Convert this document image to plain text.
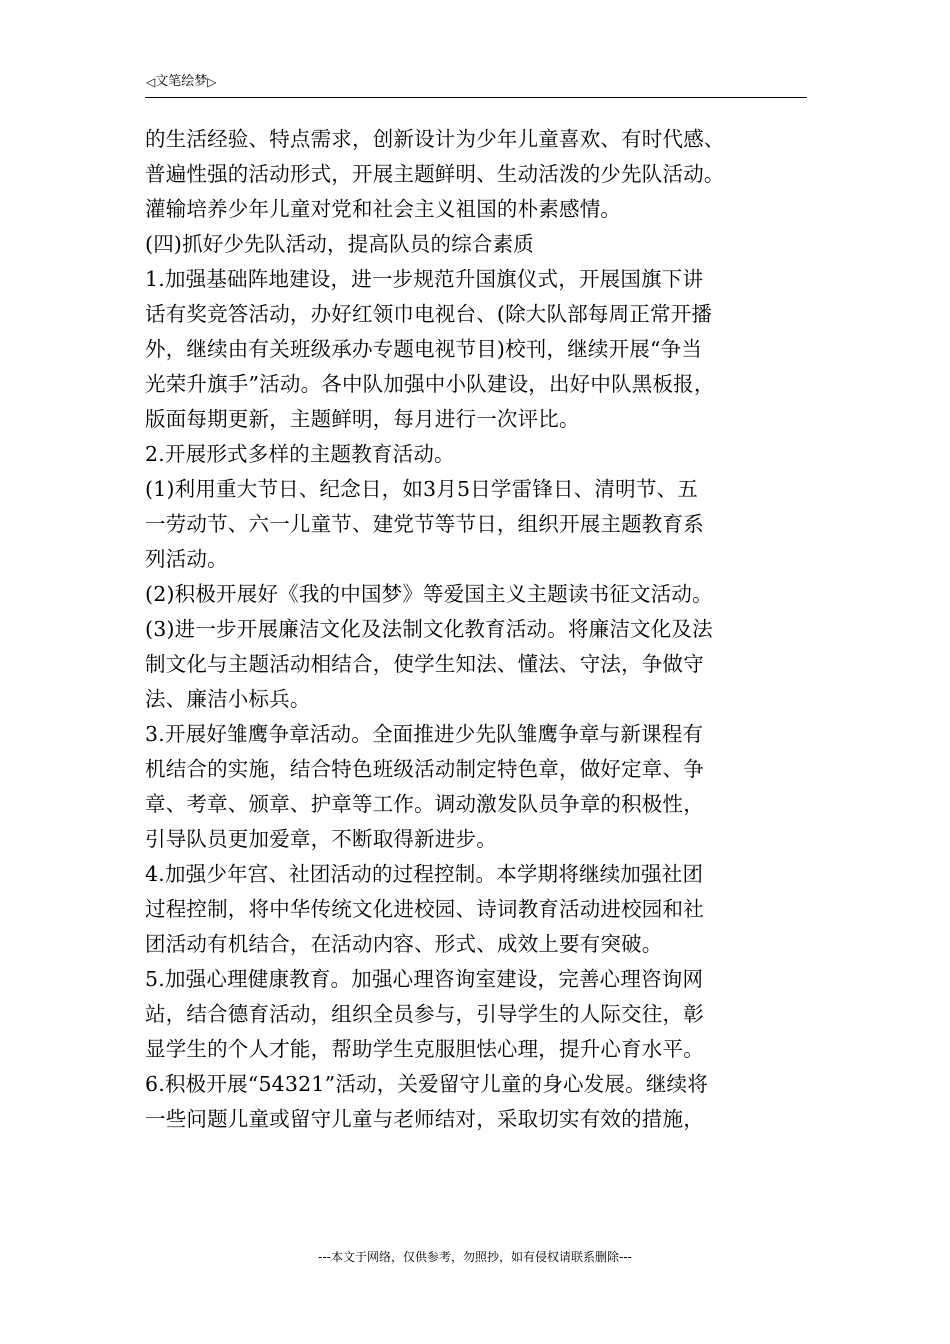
◁ 文笔绘梦 ▷
的生活经验、特点需求，创新设计为少年儿童喜欢、有时代感、
普遍性强的活动形式，开展主题鲜明、生动活泼的少先队活动。
灌输培养少年儿童对党和社会主义祖国的朴素感情。
(四)抓好少先队活动，提高队员的综合素质
1.加强基础阵地建设，进一步规范升国旗仪式，开展国旗下讲
话有奖竞答活动，办好红领巾电视台、(除大队部每周正常开播
外，继续由有关班级承办专题电视节目)校刊，继续开展“争当
光荣升旗手”活动。各中队加强中小队建设，出好中队黑板报，
版面每期更新，主题鲜明，每月进行一次评比。
2.开展形式多样的主题教育活动。
(1)利用重大节日、纪念日，如3月5日学雷锋日、清明节、五
一劳动节、六一儿童节、建党节等节日，组织开展主题教育系
列活动。
(2)积极开展好《我的中国梦》等爱国主义主题读书征文活动。
(3)进一步开展廉洁文化及法制文化教育活动。将廉洁文化及法
制文化与主题活动相结合，使学生知法、懂法、守法，争做守
法、廉洁小标兵。
3.开展好雏鹰争章活动。全面推进少先队雏鹰争章与新课程有
机结合的实施，结合特色班级活动制定特色章，做好定章、争
章、考章、颁章、护章等工作。调动激发队员争章的积极性，
引导队员更加爱章，不断取得新进步。
4.加强少年宫、社团活动的过程控制。本学期将继续加强社团
过程控制，将中华传统文化进校园、诗词教育活动进校园和社
团活动有机结合，在活动内容、形式、成效上要有突破。
5.加强心理健康教育。加强心理咨询室建设，完善心理咨询网
站，结合德育活动，组织全员参与，引导学生的人际交往，彰
显学生的个人才能，帮助学生克服胆怯心理，提升心育水平。
6.积极开展“54321”活动，关爱留守儿童的身心发展。继续将
一些问题儿童或留守儿童与老师结对，采取切实有效的措施，
---本文于网络，仅供参考，勿照抄，如有侵权请联系删除---
